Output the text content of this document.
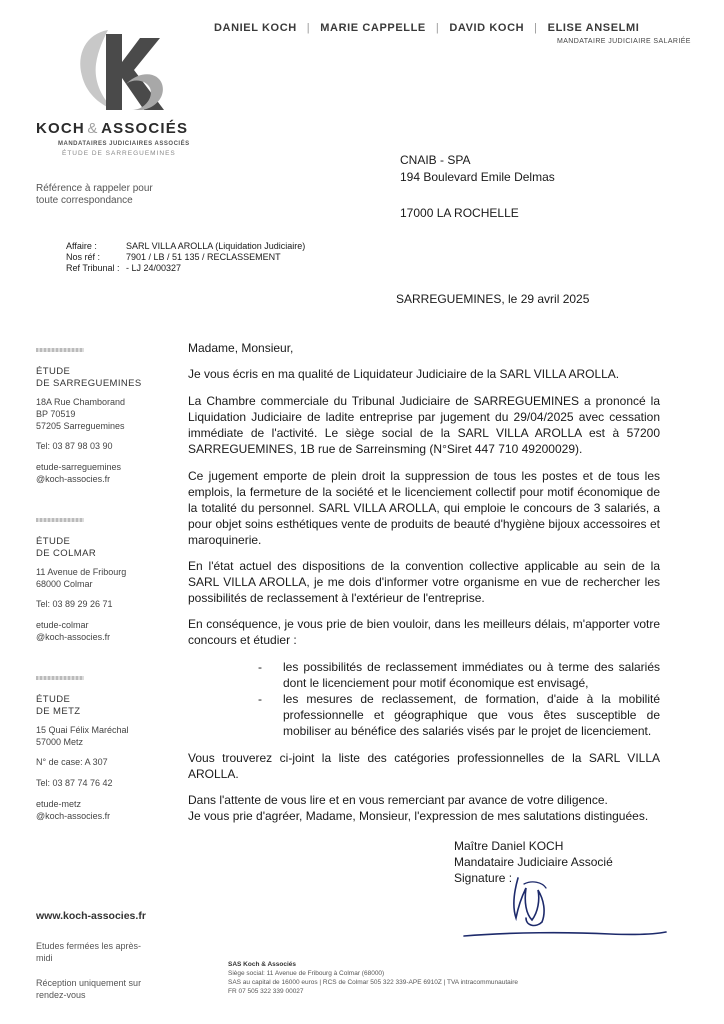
DANIEL KOCH | MARIE CAPPELLE | DAVID KOCH | ELISE ANSELMI
MANDATAIRE JUDICIAIRE SALARIÉE
KOCH  &  ASSOCIÉS
MANDATAIRES JUDICIAIRES ASSOCIÉS
ÉTUDE DE SARREGUEMINES
Référence à rappeler pour toute correspondance
CNAIB - SPA
194 Boulevard Emile Delmas
17000 LA ROCHELLE
Affaire :	SARL VILLA AROLLA (Liquidation Judiciaire)
Nos réf :	7901 / LB / 51 135 / RECLASSEMENT
Ref Tribunal : - LJ 24/00327
SARREGUEMINES, le 29 avril 2025
ÉTUDE
DE SARREGUEMINES
18A Rue Chamborand
BP 70519
57205 Sarreguemines
Tel: 03 87 98 03 90
etude-sarreguemines
@koch-associes.fr
ÉTUDE
DE COLMAR
11 Avenue de Fribourg
68000 Colmar
Tel: 03 89 29 26 71
etude-colmar
@koch-associes.fr
ÉTUDE
DE METZ
15 Quai Félix Maréchal
57000 Metz
N° de case: A 307
Tel: 03 87 74 76 42
etude-metz
@koch-associes.fr
www.koch-associes.fr
Etudes fermées les après-midi
Réception uniquement sur rendez-vous
Madame, Monsieur,
Je vous écris en ma qualité de Liquidateur Judiciaire de la SARL VILLA AROLLA.
La Chambre commerciale du Tribunal Judiciaire de SARREGUEMINES a prononcé la Liquidation Judiciaire de ladite entreprise par jugement du 29/04/2025 avec cessation immédiate de l'activité. Le siège social de la SARL VILLA AROLLA est à 57200 SARREGUEMINES, 1B rue de Sarreinsming (N°Siret 447 710 49200029).
Ce jugement emporte de plein droit la suppression de tous les postes et de tous les emplois, la fermeture de la société et le licenciement collectif pour motif économique de la totalité du personnel. SARL VILLA AROLLA, qui emploie le concours de 3 salariés, a pour objet soins esthétiques vente de produits de beauté d'hygiène bijoux accessoires et maroquinerie.
En l'état actuel des dispositions de la convention collective applicable au sein de la SARL VILLA AROLLA, je me dois d'informer votre organisme en vue de rechercher les possibilités de reclassement à l'extérieur de l'entreprise.
En conséquence, je vous prie de bien vouloir, dans les meilleurs délais, m'apporter votre concours et étudier :
- les possibilités de reclassement immédiates ou à terme des salariés dont le licenciement pour motif économique est envisagé,
- les mesures de reclassement, de formation, d'aide à la mobilité professionnelle et géographique que vous êtes susceptible de mobiliser au bénéfice des salariés visés par le projet de licenciement.
Vous trouverez ci-joint la liste des catégories professionnelles de la SARL VILLA AROLLA.
Dans l'attente de vous lire et en vous remerciant par avance de votre diligence.
Je vous prie d'agréer, Madame, Monsieur, l'expression de mes salutations distinguées.
Maître Daniel KOCH
Mandataire Judiciaire Associé
Signature :
SAS Koch & Associés
Siège social: 11 Avenue de Fribourg à Colmar (68000)
SAS au capital de 16000 euros | RCS de Colmar 505 322 339-APE 6910Z | TVA intracommunautaire
FR 07 505 322 339 00027
